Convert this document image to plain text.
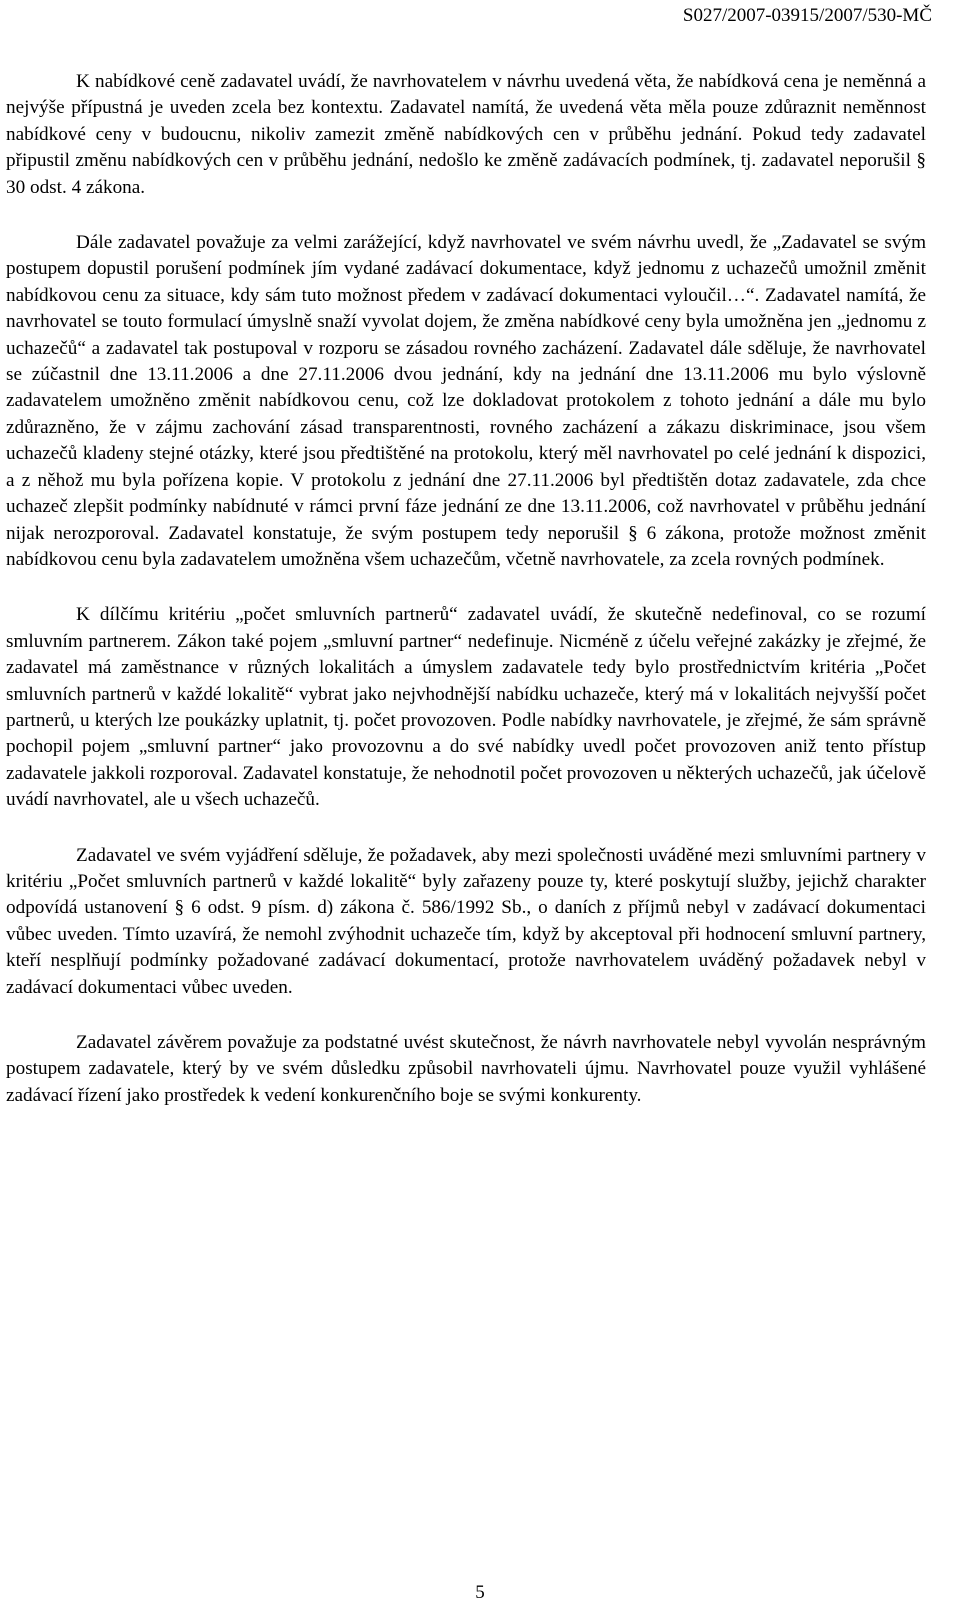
S027/2007-03915/2007/530-MČ

K nabídkové ceně zadavatel uvádí, že navrhovatelem v návrhu uvedená věta, že nabídková cena je neměnná a nejvýše přípustná je uveden zcela bez kontextu. Zadavatel namítá, že uvedená věta měla pouze zdůraznit neměnnost nabídkové ceny v budoucnu, nikoliv zamezit změně nabídkových cen v průběhu jednání. Pokud tedy zadavatel připustil změnu nabídkových cen v průběhu jednání, nedošlo ke změně zadávacích podmínek, tj. zadavatel neporušil § 30 odst. 4 zákona.

Dále zadavatel považuje za velmi zarážející, když navrhovatel ve svém návrhu uvedl, že „Zadavatel se svým postupem dopustil porušení podmínek jím vydané zadávací dokumentace, když jednomu z uchazečů umožnil změnit nabídkovou cenu za situace, kdy sám tuto možnost předem v zadávací dokumentaci vyloučil…“. Zadavatel namítá, že navrhovatel se touto formulací úmyslně snaží vyvolat dojem, že změna nabídkové ceny byla umožněna jen „jednomu z uchazečů“ a zadavatel tak postupoval v rozporu se zásadou rovného zacházení. Zadavatel dále sděluje, že navrhovatel se zúčastnil dne 13.11.2006 a dne 27.11.2006 dvou jednání, kdy na jednání dne 13.11.2006 mu bylo výslovně zadavatelem umožněno změnit nabídkovou cenu, což lze dokladovat protokolem z tohoto jednání a dále mu bylo zdůrazněno, že v zájmu zachování zásad transparentnosti, rovného zacházení a zákazu diskriminace, jsou všem uchazečů kladeny stejné otázky, které jsou předtištěné na protokolu, který měl navrhovatel po celé jednání k dispozici, a z něhož mu byla pořízena kopie. V protokolu z jednání dne 27.11.2006 byl předtištěn dotaz zadavatele, zda chce uchazeč zlepšit podmínky nabídnuté v rámci první fáze jednání ze dne 13.11.2006, což navrhovatel v průběhu jednání nijak nerozporoval. Zadavatel konstatuje, že svým postupem tedy neporušil § 6 zákona, protože možnost změnit nabídkovou cenu byla zadavatelem umožněna všem uchazečům, včetně navrhovatele, za zcela rovných podmínek.

K dílčímu kritériu „počet smluvních partnerů“ zadavatel uvádí, že skutečně nedefinoval, co se rozumí smluvním partnerem. Zákon také pojem „smluvní partner“ nedefinuje. Nicméně z účelu veřejné zakázky je zřejmé, že zadavatel má zaměstnance v různých lokalitách a úmyslem zadavatele tedy bylo prostřednictvím kritéria „Počet smluvních partnerů v každé lokalitě“ vybrat jako nejvhodnější nabídku uchazeče, který má v lokalitách nejvyšší počet partnerů, u kterých lze poukázky uplatnit, tj. počet provozoven. Podle nabídky navrhovatele, je zřejmé, že sám správně pochopil pojem „smluvní partner“ jako provozovnu a do své nabídky uvedl počet provozoven aniž tento přístup zadavatele jakkoli rozporoval. Zadavatel konstatuje, že nehodnotil počet provozoven u některých uchazečů, jak účelově uvádí navrhovatel, ale u všech uchazečů.

Zadavatel ve svém vyjádření sděluje, že požadavek, aby mezi společnosti uváděné mezi smluvními partnery v kritériu „Počet smluvních partnerů v každé lokalitě“ byly zařazeny pouze ty, které poskytují služby, jejichž charakter odpovídá ustanovení § 6 odst. 9 písm. d) zákona č. 586/1992 Sb., o daních z příjmů nebyl v zadávací dokumentaci vůbec uveden. Tímto uzavírá, že nemohl zvýhodnit uchazeče tím, když by akceptoval při hodnocení smluvní partnery, kteří nesplňují podmínky požadované zadávací dokumentací, protože navrhovatelem uváděný požadavek nebyl v zadávací dokumentaci vůbec uveden.

Zadavatel závěrem považuje za podstatné uvést skutečnost, že návrh navrhovatele nebyl vyvolán nesprávným postupem zadavatele, který by ve svém důsledku způsobil navrhovateli újmu. Navrhovatel pouze využil vyhlášené zadávací řízení jako prostředek k vedení konkurenčního boje se svými konkurenty.

5
